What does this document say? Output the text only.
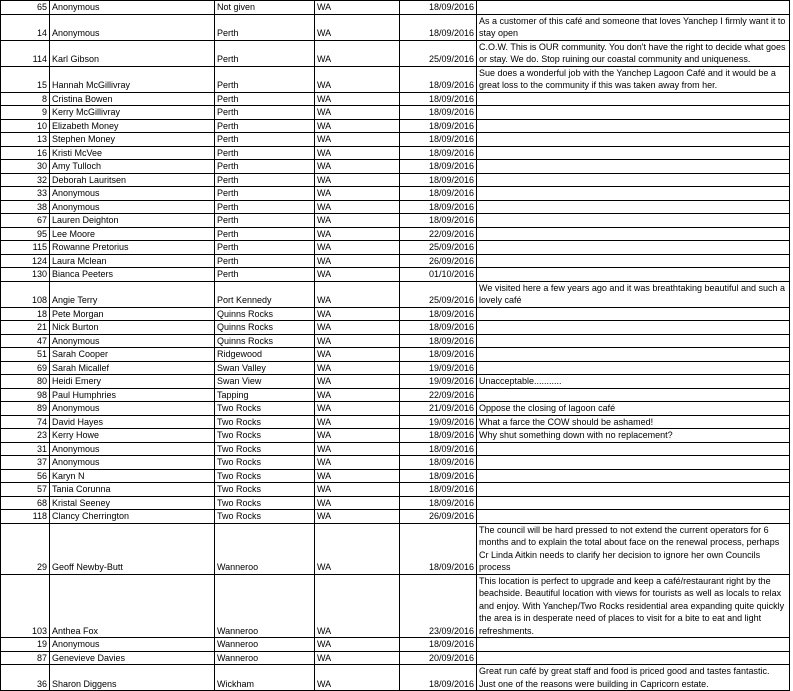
65	Anonymous	Not given	WA	18/09/2016	
14	Anonymous	Perth	WA	18/09/2016	As a customer of this café and someone that loves Yanchep I firmly want it to stay open
114	Karl Gibson	Perth	WA	25/09/2016	C.O.W. This is OUR community. You don't have the right to decide what goes or stay. We do. Stop ruining our coastal community and uniqueness.
15	Hannah McGillivray	Perth	WA	18/09/2016	Sue does a wonderful job with the Yanchep Lagoon Café and it would be a great loss to the community if this was taken away from her.
8	Cristina Bowen	Perth	WA	18/09/2016	
9	Kerry McGillivray	Perth	WA	18/09/2016	
10	Elizabeth Money	Perth	WA	18/09/2016	
13	Stephen Money	Perth	WA	18/09/2016	
16	Kristi McVee	Perth	WA	18/09/2016	
30	Amy Tulloch	Perth	WA	18/09/2016	
32	Deborah Lauritsen	Perth	WA	18/09/2016	
33	Anonymous	Perth	WA	18/09/2016	
38	Anonymous	Perth	WA	18/09/2016	
67	Lauren Deighton	Perth	WA	18/09/2016	
95	Lee Moore	Perth	WA	22/09/2016	
115	Rowanne Pretorius	Perth	WA	25/09/2016	
124	Laura Mclean	Perth	WA	26/09/2016	
130	Bianca Peeters	Perth	WA	01/10/2016	
108	Angie Terry	Port Kennedy	WA	25/09/2016	We visited here a few years ago and it was breathtaking beautiful and such a lovely café
18	Pete Morgan	Quinns Rocks	WA	18/09/2016	
21	Nick Burton	Quinns Rocks	WA	18/09/2016	
47	Anonymous	Quinns Rocks	WA	18/09/2016	
51	Sarah Cooper	Ridgewood	WA	18/09/2016	
69	Sarah Micallef	Swan Valley	WA	19/09/2016	
80	Heidi Emery	Swan View	WA	19/09/2016	Unacceptable...........
98	Paul Humphries	Tapping	WA	22/09/2016	
89	Anonymous	Two Rocks	WA	21/09/2016	Oppose the closing of lagoon café
74	David Hayes	Two Rocks	WA	19/09/2016	What a farce the COW should be ashamed!
23	Kerry Howe	Two Rocks	WA	18/09/2016	Why shut something down with no replacement?
31	Anonymous	Two Rocks	WA	18/09/2016	
37	Anonymous	Two Rocks	WA	18/09/2016	
56	Karyn N	Two Rocks	WA	18/09/2016	
57	Tania Corunna	Two Rocks	WA	18/09/2016	
68	Kristal Seeney	Two Rocks	WA	18/09/2016	
118	Clancy Cherrington	Two Rocks	WA	26/09/2016	
29	Geoff Newby-Butt	Wanneroo	WA	18/09/2016	The council will be hard pressed to not extend the current operators for 6 months and to explain the total about face on the renewal process, perhaps Cr Linda Aitkin needs to clarify her decision to ignore her own Councils process
103	Anthea Fox	Wanneroo	WA	23/09/2016	This location is perfect to upgrade and keep a café/restaurant right by the beachside. Beautiful location with views for tourists as well as locals to relax and enjoy. With Yanchep/Two Rocks residential area expanding quite quickly the area is in desperate need of places to visit for a bite to eat and light refreshments.
19	Anonymous	Wanneroo	WA	18/09/2016	
87	Genevieve Davies	Wanneroo	WA	20/09/2016	
36	Sharon Diggens	Wickham	WA	18/09/2016	Great run café by great staff and food is priced good and tastes fantastic. Just one of the reasons were building in Capricorn estate.
